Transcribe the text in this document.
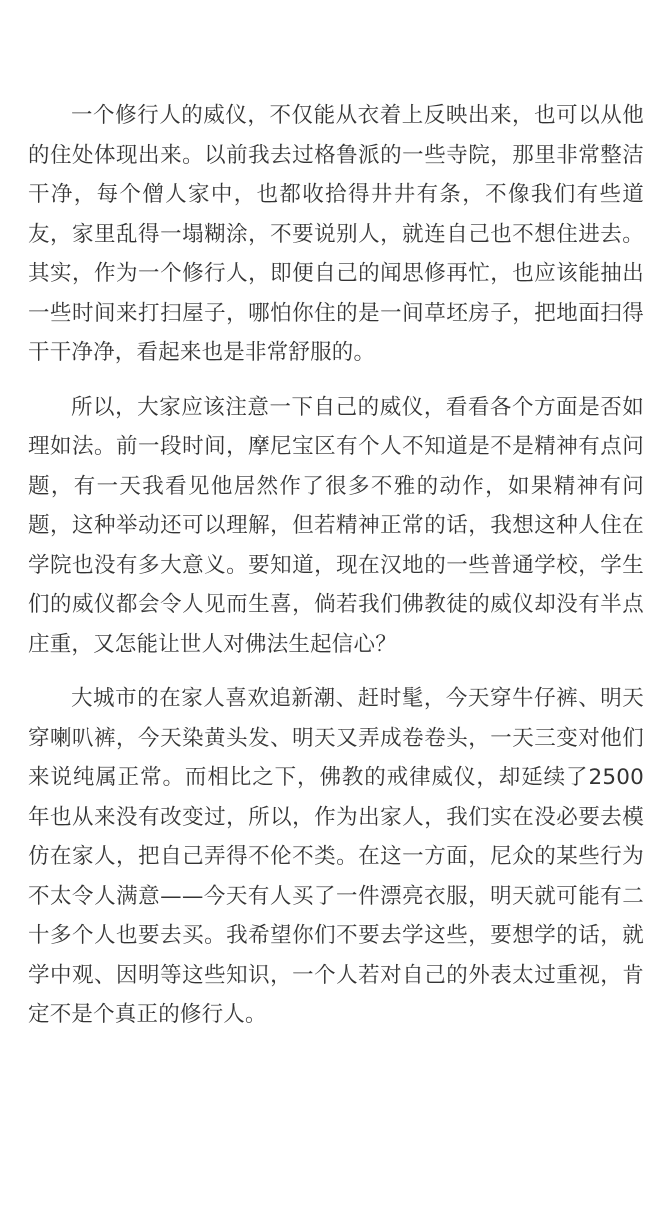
一个修行人的威仪，不仅能从衣着上反映出来，也可以从他的住处体现出来。以前我去过格鲁派的一些寺院，那里非常整洁干净，每个僧人家中，也都收拾得井井有条，不像我们有些道友，家里乱得一塌糊涂，不要说别人，就连自己也不想住进去。其实，作为一个修行人，即便自己的闻思修再忙，也应该能抽出一些时间来打扫屋子，哪怕你住的是一间草坯房子，把地面扫得干干净净，看起来也是非常舒服的。

所以，大家应该注意一下自己的威仪，看看各个方面是否如理如法。前一段时间，摩尼宝区有个人不知道是不是精神有点问题，有一天我看见他居然作了很多不雅的动作，如果精神有问题，这种举动还可以理解，但若精神正常的话，我想这种人住在学院也没有多大意义。要知道，现在汉地的一些普通学校，学生们的威仪都会令人见而生喜，倘若我们佛教徒的威仪却没有半点庄重，又怎能让世人对佛法生起信心？

大城市的在家人喜欢追新潮、赶时髦，今天穿牛仔裤、明天穿喇叭裤，今天染黄头发、明天又弄成卷卷头，一天三变对他们来说纯属正常。而相比之下，佛教的戒律威仪，却延续了2500年也从来没有改变过，所以，作为出家人，我们实在没必要去模仿在家人，把自己弄得不伦不类。在这一方面，尼众的某些行为不太令人满意——今天有人买了一件漂亮衣服，明天就可能有二十多个人也要去买。我希望你们不要去学这些，要想学的话，就学中观、因明等这些知识，一个人若对自己的外表太过重视，肯定不是个真正的修行人。
